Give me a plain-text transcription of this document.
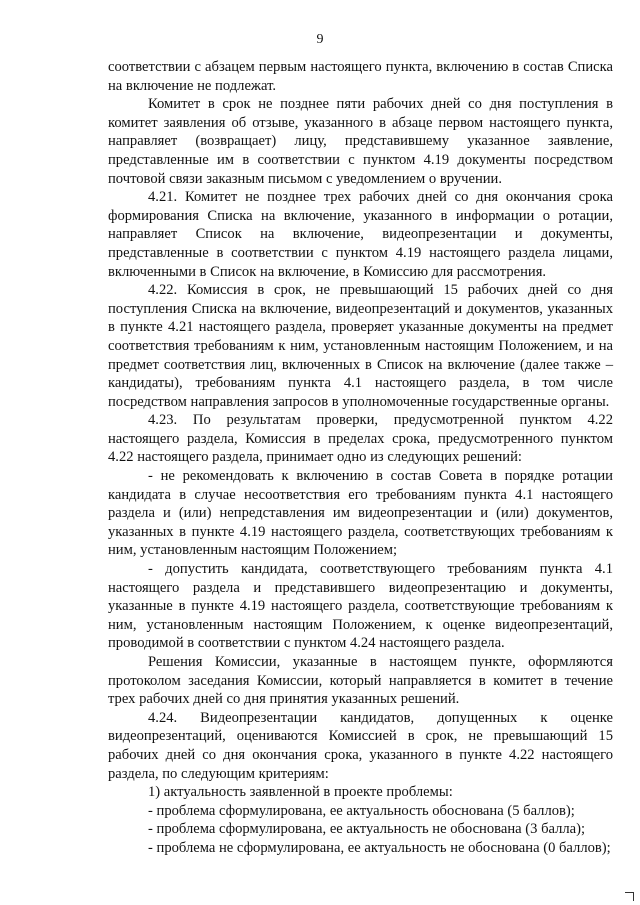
9

соответствии с абзацем первым настоящего пункта, включению в состав Списка на включение не подлежат.

Комитет в срок не позднее пяти рабочих дней со дня поступления в комитет заявления об отзыве, указанного в абзаце первом настоящего пункта, направляет (возвращает) лицу, представившему указанное заявление, представленные им в соответствии с пунктом 4.19 документы посредством почтовой связи заказным письмом с уведомлением о вручении.

4.21. Комитет не позднее трех рабочих дней со дня окончания срока формирования Списка на включение, указанного в информации о ротации, направляет Список на включение, видеопрезентации и документы, представленные в соответствии с пунктом 4.19 настоящего раздела лицами, включенными в Список на включение, в Комиссию для рассмотрения.

4.22. Комиссия в срок, не превышающий 15 рабочих дней со дня поступления Списка на включение, видеопрезентаций и документов, указанных в пункте 4.21 настоящего раздела, проверяет указанные документы на предмет соответствия требованиям к ним, установленным настоящим Положением, и на предмет соответствия лиц, включенных в Список на включение (далее также – кандидаты), требованиям пункта 4.1 настоящего раздела, в том числе посредством направления запросов в уполномоченные государственные органы.

4.23. По результатам проверки, предусмотренной пунктом 4.22 настоящего раздела, Комиссия в пределах срока, предусмотренного пунктом 4.22 настоящего раздела, принимает одно из следующих решений:

- не рекомендовать к включению в состав Совета в порядке ротации кандидата в случае несоответствия его требованиям пункта 4.1 настоящего раздела и (или) непредставления им видеопрезентации и (или) документов, указанных в пункте 4.19 настоящего раздела, соответствующих требованиям к ним, установленным настоящим Положением;

- допустить кандидата, соответствующего требованиям пункта 4.1 настоящего раздела и представившего видеопрезентацию и документы, указанные в пункте 4.19 настоящего раздела, соответствующие требованиям к ним, установленным настоящим Положением, к оценке видеопрезентаций, проводимой в соответствии с пунктом 4.24 настоящего раздела.

Решения Комиссии, указанные в настоящем пункте, оформляются протоколом заседания Комиссии, который направляется в комитет в течение трех рабочих дней со дня принятия указанных решений.

4.24. Видеопрезентации кандидатов, допущенных к оценке видеопрезентаций, оцениваются Комиссией в срок, не превышающий 15 рабочих дней со дня окончания срока, указанного в пункте 4.22 настоящего раздела, по следующим критериям:

1) актуальность заявленной в проекте проблемы:

- проблема сформулирована, ее актуальность обоснована (5 баллов);

- проблема сформулирована, ее актуальность не обоснована (3 балла);

- проблема не сформулирована, ее актуальность не обоснована (0 баллов);
